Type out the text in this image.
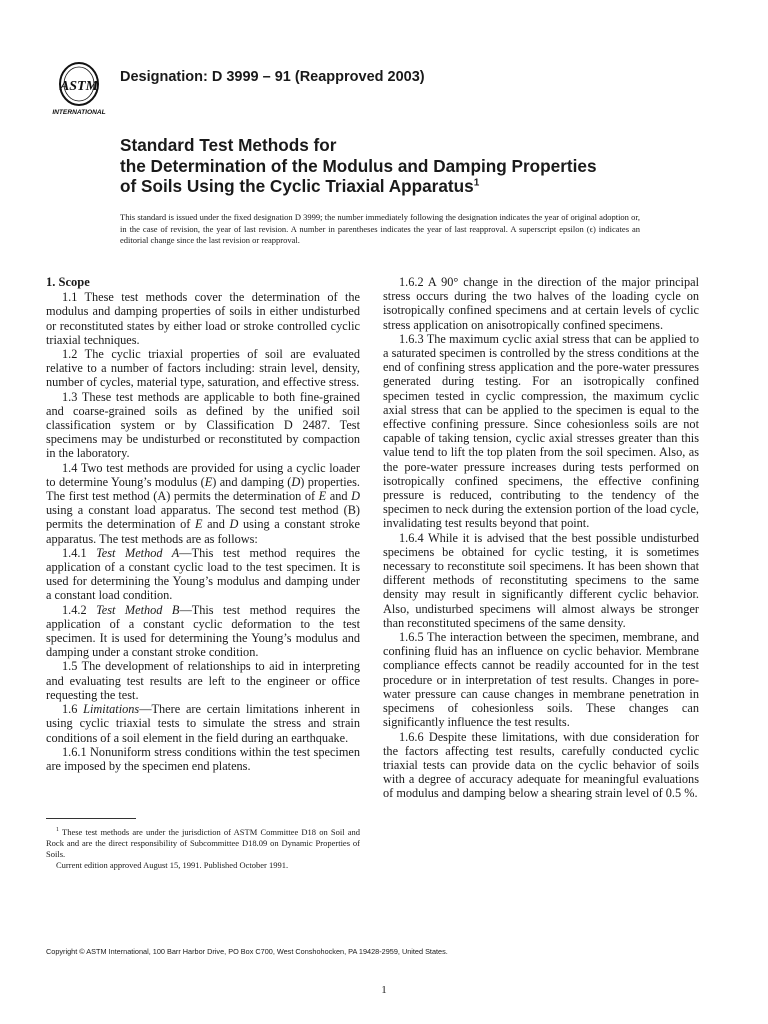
ASTM
INTERNATIONAL
Designation: D 3999 – 91 (Reapproved 2003)
Standard Test Methods for
the Determination of the Modulus and Damping Properties
of Soils Using the Cyclic Triaxial Apparatus$^1$
This standard is issued under the fixed designation D 3999; the number immediately following the designation indicates the year of original adoption or, in the case of revision, the year of last revision. A number in parentheses indicates the year of last reapproval. A superscript epsilon (ϵ) indicates an editorial change since the last revision or reapproval.
1. Scope

1.1 These test methods cover the determination of the modulus and damping properties of soils in either undisturbed or reconstituted states by either load or stroke controlled cyclic triaxial techniques.

1.2 The cyclic triaxial properties of soil are evaluated relative to a number of factors including: strain level, density, number of cycles, material type, saturation, and effective stress.

1.3 These test methods are applicable to both fine-grained and coarse-grained soils as defined by the unified soil classification system or by Classification D 2487. Test specimens may be undisturbed or reconstituted by compaction in the laboratory.

1.4 Two test methods are provided for using a cyclic loader to determine Young’s modulus (E) and damping (D) properties. The first test method (A) permits the determination of E and D using a constant load apparatus. The second test method (B) permits the determination of E and D using a constant stroke apparatus. The test methods are as follows:

1.4.1 Test Method A—This test method requires the application of a constant cyclic load to the test specimen. It is used for determining the Young’s modulus and damping under a constant load condition.

1.4.2 Test Method B—This test method requires the application of a constant cyclic deformation to the test specimen. It is used for determining the Young’s modulus and damping under a constant stroke condition.

1.5 The development of relationships to aid in interpreting and evaluating test results are left to the engineer or office requesting the test.

1.6 Limitations—There are certain limitations inherent in using cyclic triaxial tests to simulate the stress and strain conditions of a soil element in the field during an earthquake.

1.6.1 Nonuniform stress conditions within the test specimen are imposed by the specimen end platens.

1.6.2 A 90° change in the direction of the major principal stress occurs during the two halves of the loading cycle on isotropically confined specimens and at certain levels of cyclic stress application on anisotropically confined specimens.

1.6.3 The maximum cyclic axial stress that can be applied to a saturated specimen is controlled by the stress conditions at the end of confining stress application and the pore-water pressures generated during testing. For an isotropically confined specimen tested in cyclic compression, the maximum cyclic axial stress that can be applied to the specimen is equal to the effective confining pressure. Since cohesionless soils are not capable of taking tension, cyclic axial stresses greater than this value tend to lift the top platen from the soil specimen. Also, as the pore-water pressure increases during tests performed on isotropically confined specimens, the effective confining pressure is reduced, contributing to the tendency of the specimen to neck during the extension portion of the load cycle, invalidating test results beyond that point.

1.6.4 While it is advised that the best possible undisturbed specimens be obtained for cyclic testing, it is sometimes necessary to reconstitute soil specimens. It has been shown that different methods of reconstituting specimens to the same density may result in significantly different cyclic behavior. Also, undisturbed specimens will almost always be stronger than reconstituted specimens of the same density.

1.6.5 The interaction between the specimen, membrane, and confining fluid has an influence on cyclic behavior. Membrane compliance effects cannot be readily accounted for in the test procedure or in interpretation of test results. Changes in pore-water pressure can cause changes in membrane penetration in specimens of cohesionless soils. These changes can significantly influence the test results.

1.6.6 Despite these limitations, with due consideration for the factors affecting test results, carefully conducted cyclic triaxial tests can provide data on the cyclic behavior of soils with a degree of accuracy adequate for meaningful evaluations of modulus and damping below a shearing strain level of 0.5 %.

$^1$ These test methods are under the jurisdiction of ASTM Committee D18 on Soil and Rock and are the direct responsibility of Subcommittee D18.09 on Dynamic Properties of Soils.

Current edition approved August 15, 1991. Published October 1991.

Copyright © ASTM International, 100 Barr Harbor Drive, PO Box C700, West Conshohocken, PA 19428-2959, United States.
1
